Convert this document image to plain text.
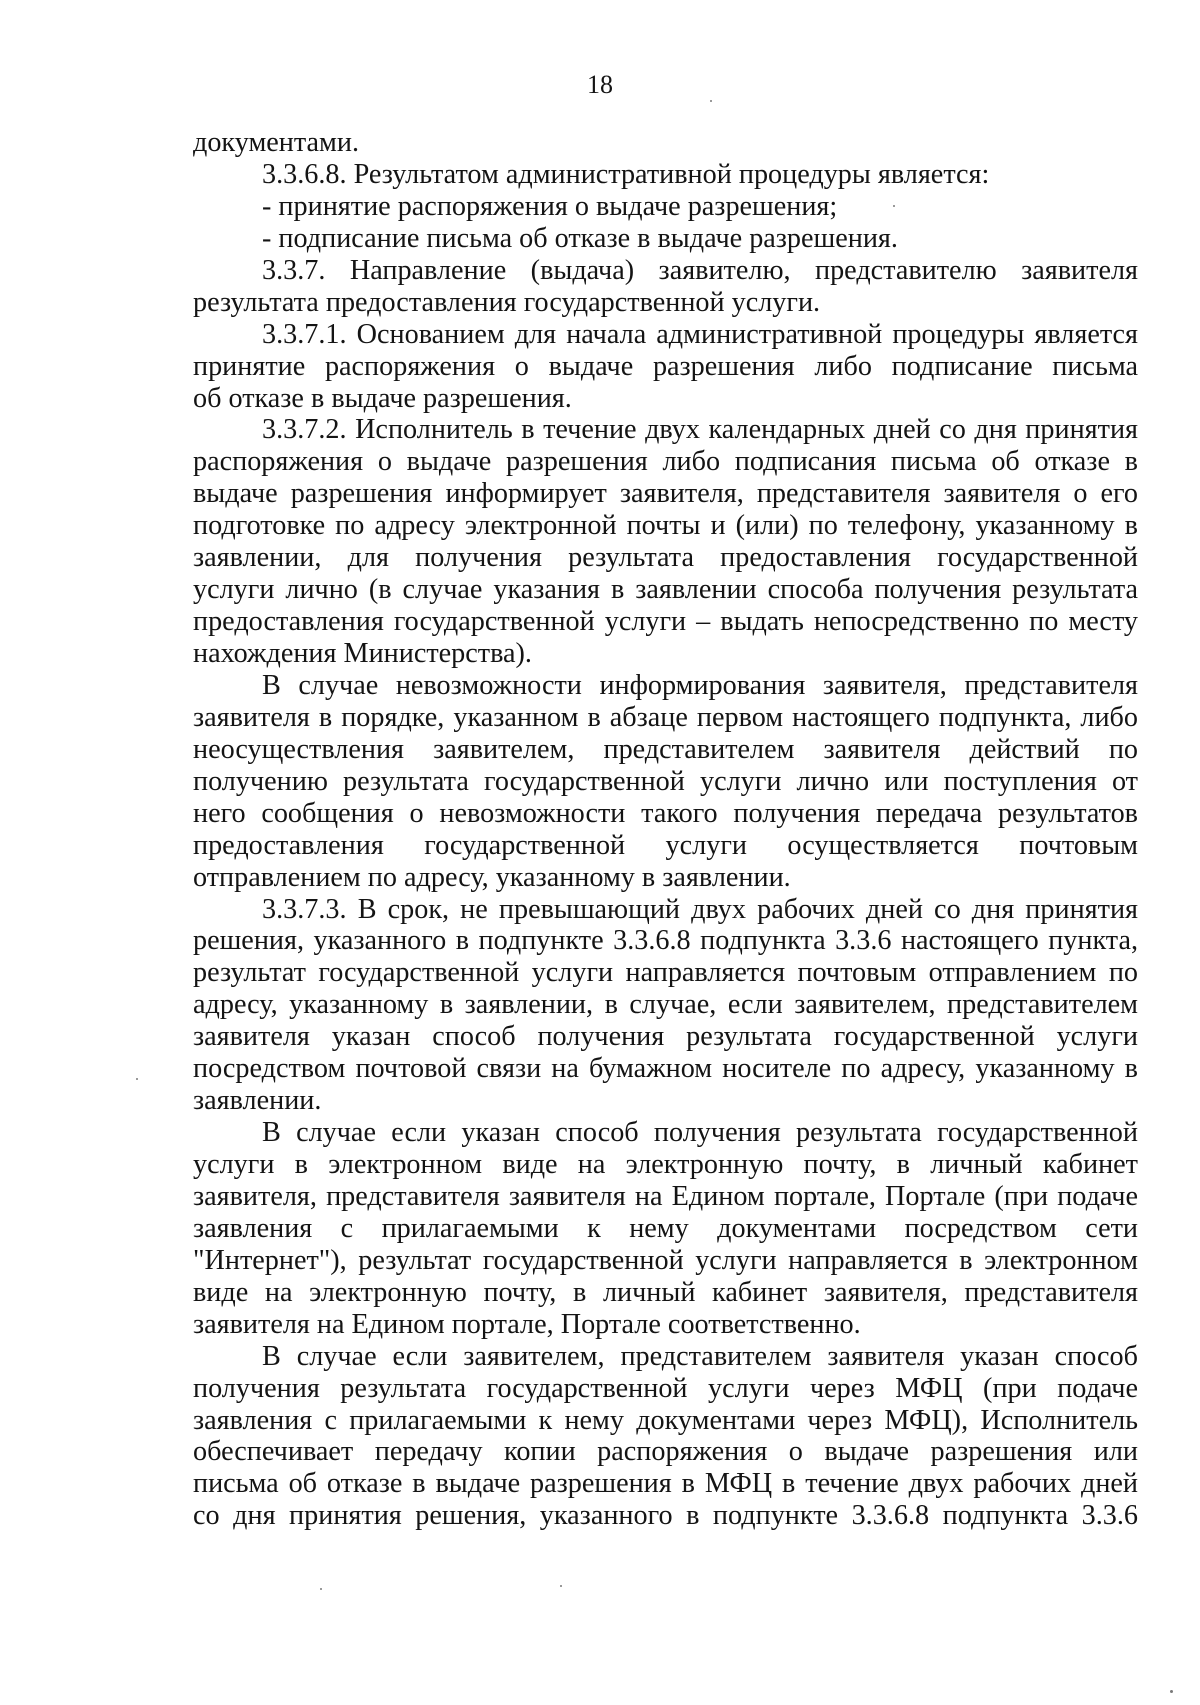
18
документами.
3.3.6.8. Результатом административной процедуры является:
- принятие распоряжения о выдаче разрешения;
- подписание письма об отказе в выдаче разрешения.
3.3.7. Направление (выдача) заявителю, представителю заявителя
результата предоставления государственной услуги.
3.3.7.1. Основанием для начала административной процедуры является
принятие распоряжения о выдаче разрешения либо подписание письма
об отказе в выдаче разрешения.
3.3.7.2. Исполнитель в течение двух календарных дней со дня принятия
распоряжения о выдаче разрешения либо подписания письма об отказе в
выдаче разрешения информирует заявителя, представителя заявителя о его
подготовке по адресу электронной почты и (или) по телефону, указанному в
заявлении, для получения результата предоставления государственной
услуги лично (в случае указания в заявлении способа получения результата
предоставления государственной услуги – выдать непосредственно по месту
нахождения Министерства).
В случае невозможности информирования заявителя, представителя
заявителя в порядке, указанном в абзаце первом настоящего подпункта, либо
неосуществления заявителем, представителем заявителя действий по
получению результата государственной услуги лично или поступления от
него сообщения о невозможности такого получения передача результатов
предоставления государственной услуги осуществляется почтовым
отправлением по адресу, указанному в заявлении.
3.3.7.3. В срок, не превышающий двух рабочих дней со дня принятия
решения, указанного в подпункте 3.3.6.8 подпункта 3.3.6 настоящего пункта,
результат государственной услуги направляется почтовым отправлением по
адресу, указанному в заявлении, в случае, если заявителем, представителем
заявителя указан способ получения результата государственной услуги
посредством почтовой связи на бумажном носителе по адресу, указанному в
заявлении.
В случае если указан способ получения результата государственной
услуги в электронном виде на электронную почту, в личный кабинет
заявителя, представителя заявителя на Едином портале, Портале (при подаче
заявления с прилагаемыми к нему документами посредством сети
"Интернет"), результат государственной услуги направляется в электронном
виде на электронную почту, в личный кабинет заявителя, представителя
заявителя на Едином портале, Портале соответственно.
В случае если заявителем, представителем заявителя указан способ
получения результата государственной услуги через МФЦ (при подаче
заявления с прилагаемыми к нему документами через МФЦ), Исполнитель
обеспечивает передачу копии распоряжения о выдаче разрешения или
письма об отказе в выдаче разрешения в МФЦ в течение двух рабочих дней
со дня принятия решения, указанного в подпункте 3.3.6.8 подпункта 3.3.6
